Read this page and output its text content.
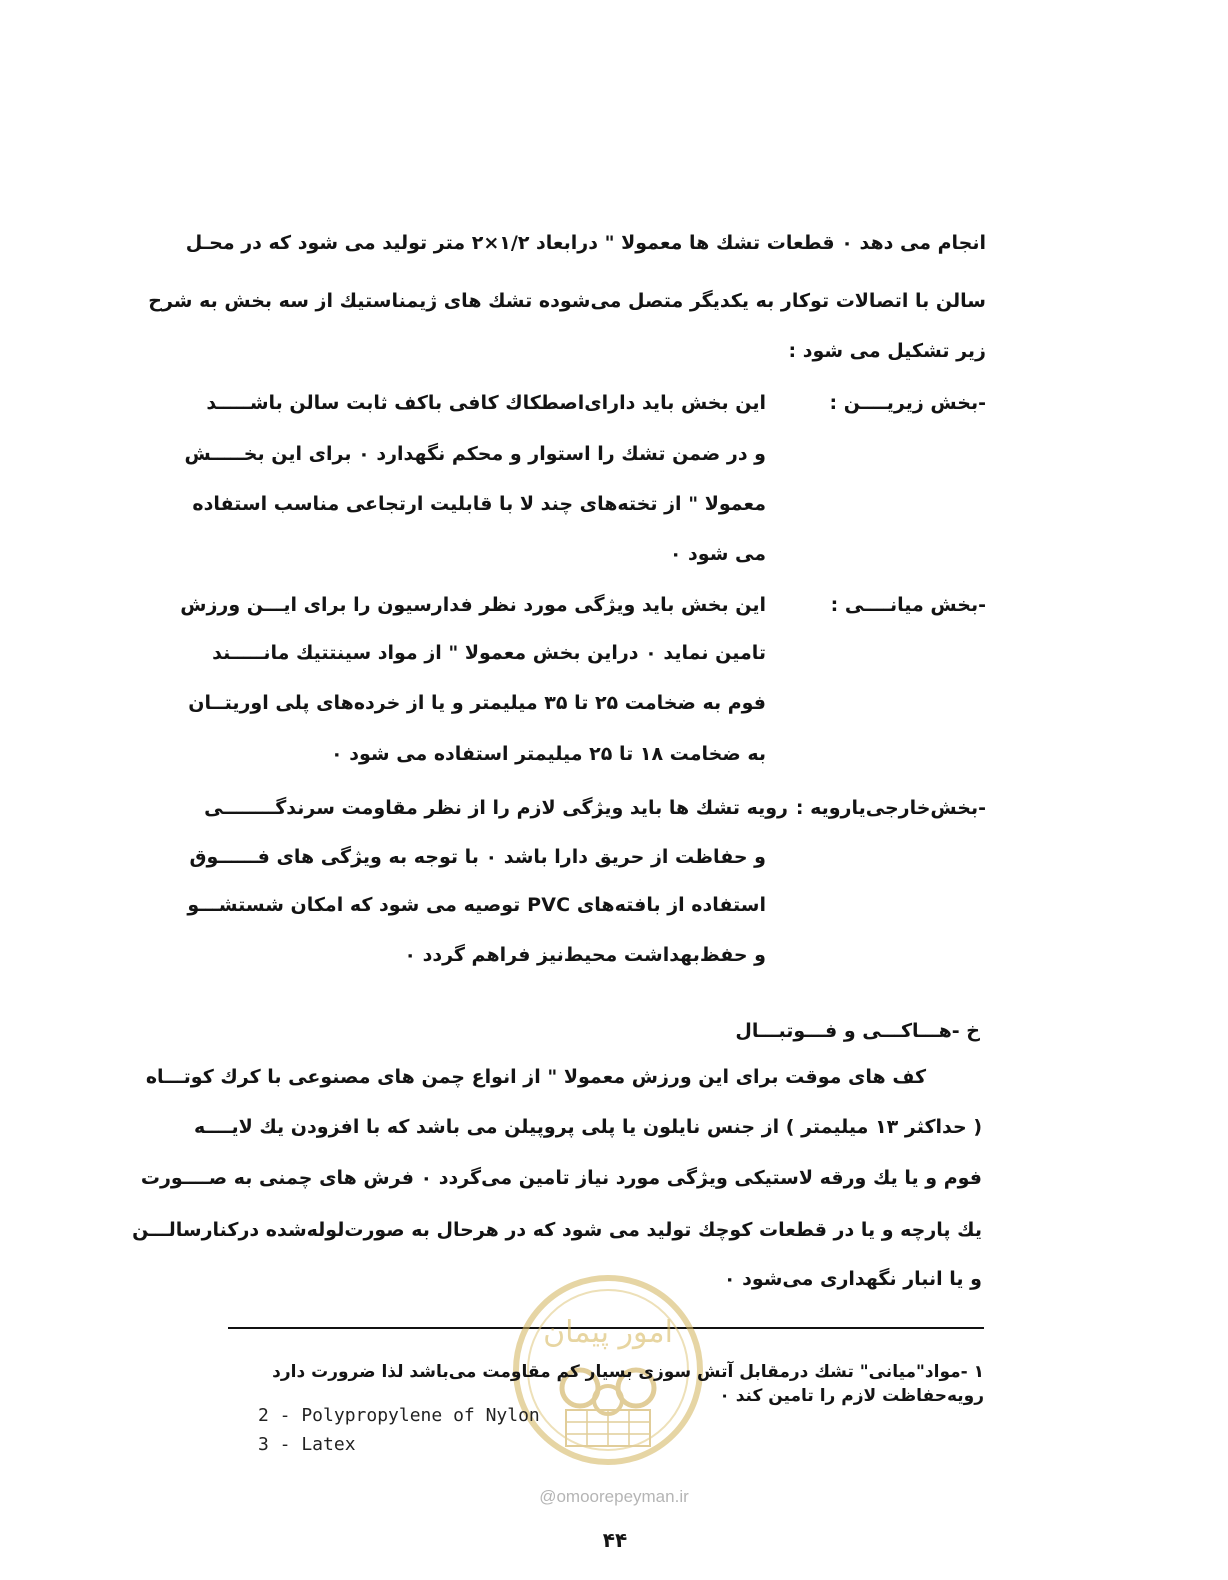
انجام می دهد ۰ قطعات تشك ها معمولا " درابعاد ۱/۲×۲ متر تولید می شود که در محـل
سالن با اتصالات توکار به یکدیگر متصل می‌شوده تشك های ژیمناستیك از سه بخش به شرح
زیر تشکیل می شود :
-بخش زیریــــن :
این بخش باید دارای‌اصطکاك کافی باکف ثابت سالن باشـــــد
و در ضمن تشك را استوار و محکم نگهدارد ۰ برای این بخـــــش
معمولا " از تخته‌های چند لا با قابلیت ارتجاعی مناسب استفاده
می شود ۰
-بخش میانــــی :
این بخش باید ویژگی مورد نظر فدارسیون را برای ایـــن ورزش
تامین نماید ۰ دراین بخش معمولا " از مواد سینتتیك مانـــــند
فوم به ضخامت ۲۵ تا ۳۵ میلیمتر و یا از خرده‌های پلی اوریتــان
به ضخامت ۱۸ تا ۲۵ میلیمتر استفاده می شود ۰
-بخش‌خارجی‌یارویه :
رویه تشك ها باید ویژگی لازم را از نظر مقاومت سرندگــــــــی
و حفاظت از حریق دارا باشد ۰ با توجه به ویژگی های فــــــوق
استفاده از بافته‌های PVC توصیه می شود که امکان شستشـــو
و حفظ‌بهداشت محیط‌نیز فراهم گردد ۰
خ -هـــاکـــی و فـــوتبـــال
کف های موقت برای این ورزش معمولا " از انواع چمن های مصنوعی با کرك کوتـــاه
( حداکثر ۱۳ میلیمتر ) از جنس نایلون یا پلی پروپیلن می باشد که با افزودن یك لایــــه
فوم و یا یك ورقه لاستیکی ویژگی مورد نیاز تامین می‌گردد ۰ فرش های چمنی به صــــورت
یك پارچه و یا در قطعات کوچك تولید می شود که در هرحال به صورت‌لوله‌شده درکنارسالـــن
و یا انبار نگهداری می‌شود ۰
امور پیمان
۱ -مواد"میانی" تشك درمقابل آتش سوزی بسیار کم مقاومت می‌باشد لذا ضرورت دارد
رویه‌حفاظت لازم را تامین کند ۰
2 - Polypropylene of Nylon
3 - Latex
@omoorepeyman.ir
۴۴
